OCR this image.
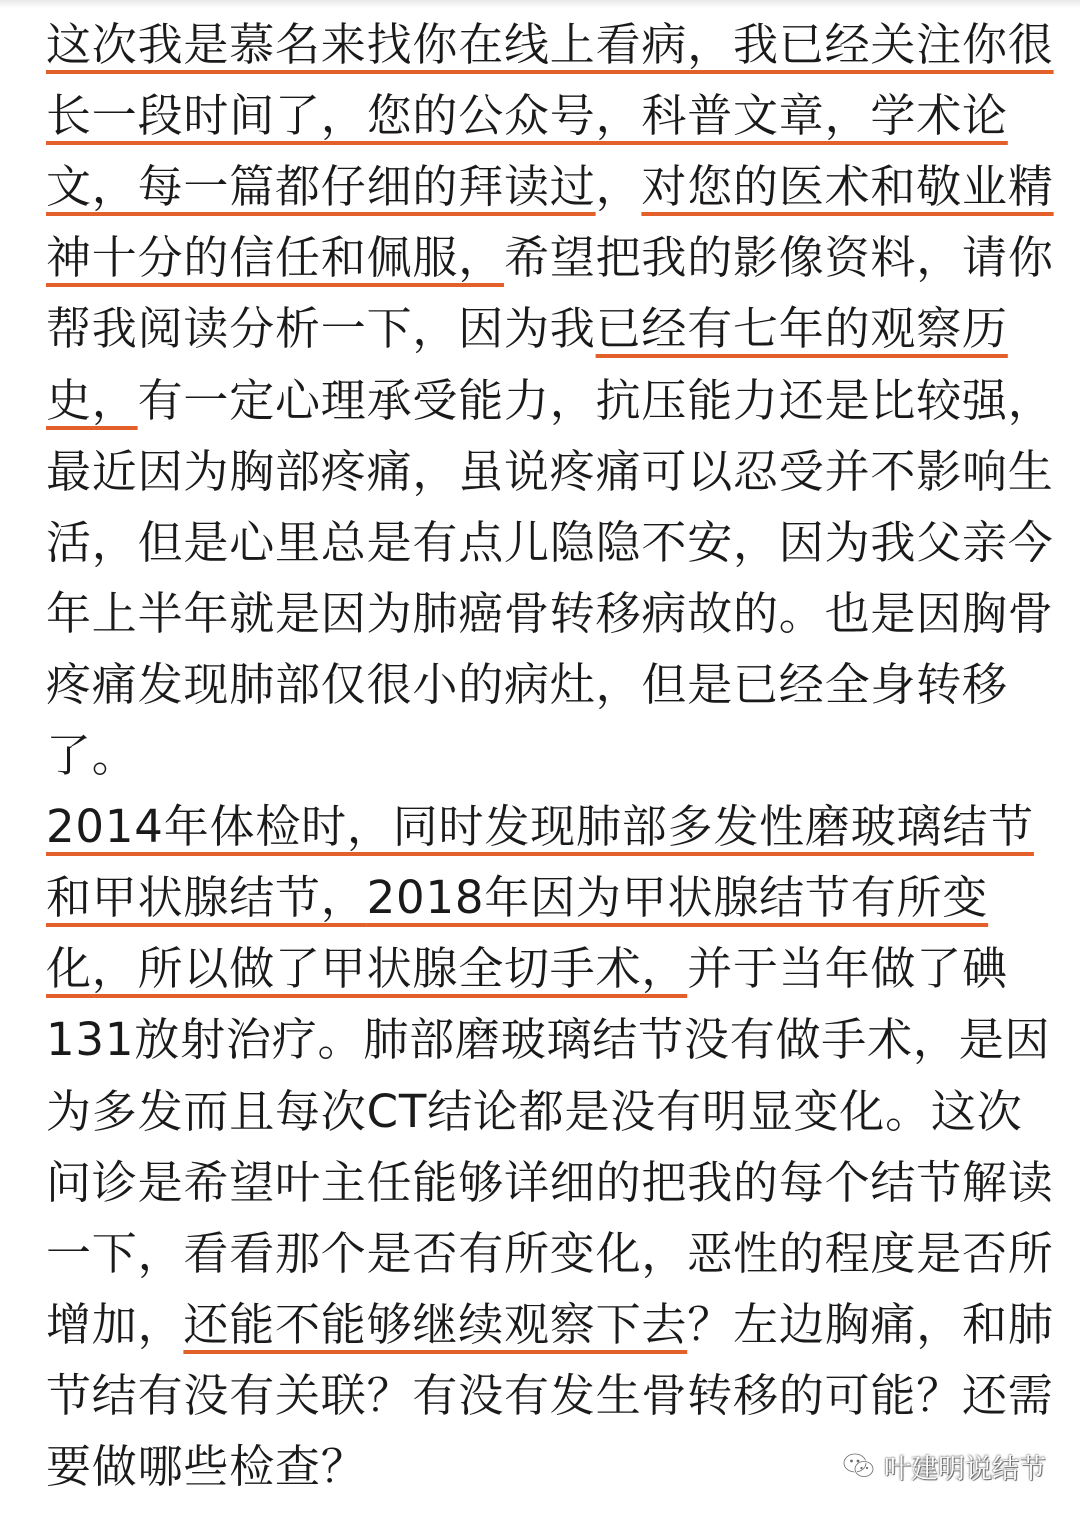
这次我是慕名来找你在线上看病，我已经关注你很
长一段时间了，您的公众号，科普文章，学术论
文，每一篇都仔细的拜读过，对您的医术和敬业精
神十分的信任和佩服，希望把我的影像资料，请你
帮我阅读分析一下，因为我已经有七年的观察历
史，有一定心理承受能力，抗压能力还是比较强，
最近因为胸部疼痛，虽说疼痛可以忍受并不影响生
活，但是心里总是有点儿隐隐不安，因为我父亲今
年上半年就是因为肺癌骨转移病故的。也是因胸骨
疼痛发现肺部仅很小的病灶，但是已经全身转移
了。
2014年体检时，同时发现肺部多发性磨玻璃结节
和甲状腺结节，2018年因为甲状腺结节有所变
化，所以做了甲状腺全切手术，并于当年做了碘
131放射治疗。肺部磨玻璃结节没有做手术，是因
为多发而且每次CT结论都是没有明显变化。这次
问诊是希望叶主任能够详细的把我的每个结节解读
一下，看看那个是否有所变化，恶性的程度是否所
增加，还能不能够继续观察下去？左边胸痛，和肺
节结有没有关联？有没有发生骨转移的可能？还需
要做哪些检查？	叶建明说结节
